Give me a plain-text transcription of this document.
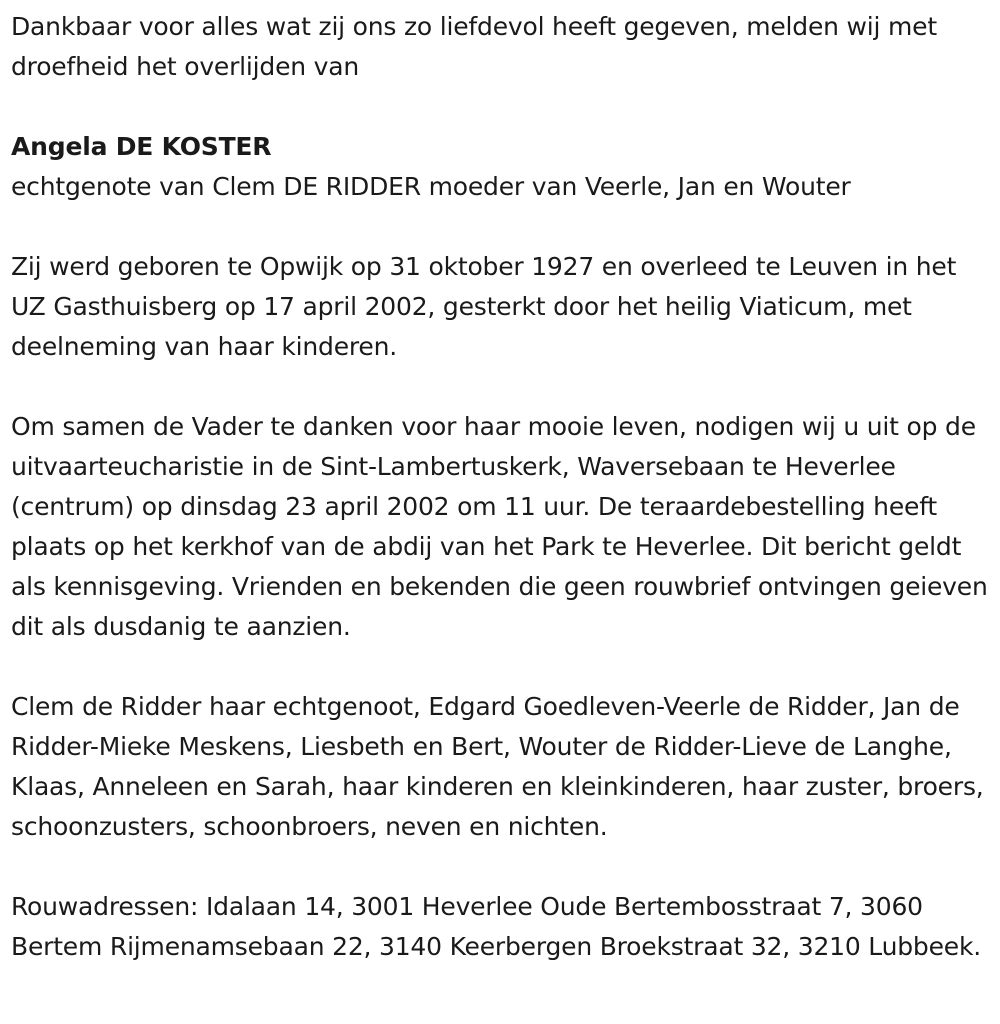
Dankbaar voor alles wat zij ons zo liefdevol heeft gegeven, melden wij met droefheid het overlijden van

Angela DE KOSTER

echtgenote van Clem DE RIDDER moeder van Veerle, Jan en Wouter

Zij werd geboren te Opwijk op 31 oktober 1927 en overleed te Leuven in het UZ Gasthuisberg op 17 april 2002, gesterkt door het heilig Viaticum, met deelneming van haar kinderen.

Om samen de Vader te danken voor haar mooie leven, nodigen wij u uit op de uitvaarteucharistie in de Sint-Lambertuskerk, Waversebaan te Heverlee (centrum) op dinsdag 23 april 2002 om 11 uur. De teraardebestelling heeft plaats op het kerkhof van de abdij van het Park te Heverlee. Dit bericht geldt als kennisgeving. Vrienden en bekenden die geen rouwbrief ontvingen geieven dit als dusdanig te aanzien.

Clem de Ridder haar echtgenoot, Edgard Goedleven-Veerle de Ridder, Jan de Ridder-Mieke Meskens, Liesbeth en Bert, Wouter de Ridder-Lieve de Langhe, Klaas, Anneleen en Sarah, haar kinderen en kleinkinderen, haar zuster, broers, schoonzusters, schoonbroers, neven en nichten.

Rouwadressen: Idalaan 14, 3001 Heverlee Oude Bertembosstraat 7, 3060 Bertem Rijmenamsebaan 22, 3140 Keerbergen Broekstraat 32, 3210 Lubbeek.
